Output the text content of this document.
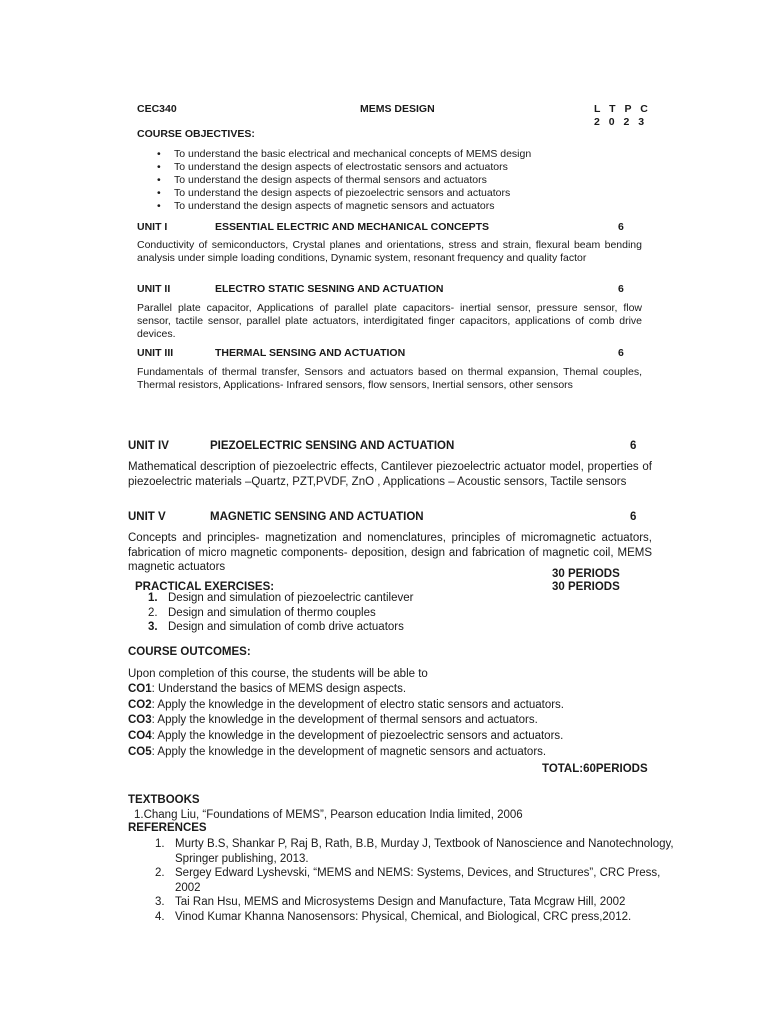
CEC340	MEMS DESIGN	L T P C
2 0 2 3
COURSE OBJECTIVES:
• To understand the basic electrical and mechanical concepts of MEMS design
• To understand the design aspects of electrostatic sensors and actuators
• To understand the design aspects of thermal sensors and actuators
• To understand the design aspects of piezoelectric sensors and actuators
• To understand the design aspects of magnetic sensors and actuators
UNIT I	ESSENTIAL ELECTRIC AND MECHANICAL CONCEPTS	6
Conductivity of semiconductors, Crystal planes and orientations, stress and strain, flexural beam bending analysis under simple loading conditions, Dynamic system, resonant frequency and quality factor
UNIT II	ELECTRO STATIC SESNING AND ACTUATION	6
Parallel plate capacitor, Applications of parallel plate capacitors- inertial sensor, pressure sensor, flow sensor, tactile sensor, parallel plate actuators, interdigitated finger capacitors, applications of comb drive devices.
UNIT III	THERMAL SENSING AND ACTUATION	6
Fundamentals of thermal transfer, Sensors and actuators based on thermal expansion, Themal couples, Thermal resistors, Applications- Infrared sensors, flow sensors, Inertial sensors, other sensors
UNIT IV	PIEZOELECTRIC SENSING AND ACTUATION	6
Mathematical description of piezoelectric effects, Cantilever piezoelectric actuator model, properties of piezoelectric materials –Quartz, PZT,PVDF, ZnO , Applications – Acoustic sensors, Tactile sensors
UNIT V	MAGNETIC SENSING AND ACTUATION	6
Concepts and principles- magnetization and nomenclatures, principles of micromagnetic actuators, fabrication of micro magnetic components- deposition, design and fabrication of magnetic coil, MEMS magnetic actuators
30 PERIODS
30 PERIODS
PRACTICAL EXERCISES:
1. Design and simulation of piezoelectric cantilever
2. Design and simulation of thermo couples
3. Design and simulation of comb drive actuators
COURSE OUTCOMES:
Upon completion of this course, the students will be able to
CO1: Understand the basics of MEMS design aspects.
CO2: Apply the knowledge in the development of electro static sensors and actuators.
CO3: Apply the knowledge in the development of thermal sensors and actuators.
CO4: Apply the knowledge in the development of piezoelectric sensors and actuators.
CO5: Apply the knowledge in the development of magnetic sensors and actuators.
TOTAL:60PERIODS
TEXTBOOKS
1.Chang Liu, “Foundations of MEMS”, Pearson education India limited, 2006
REFERENCES
1. Murty B.S, Shankar P, Raj B, Rath, B.B, Murday J, Textbook of Nanoscience and Nanotechnology, Springer publishing, 2013.
2. Sergey Edward Lyshevski, “MEMS and NEMS: Systems, Devices, and Structures”, CRC Press, 2002
3. Tai Ran Hsu, MEMS and Microsystems Design and Manufacture, Tata Mcgraw Hill, 2002
4. Vinod Kumar Khanna Nanosensors: Physical, Chemical, and Biological, CRC press,2012.
